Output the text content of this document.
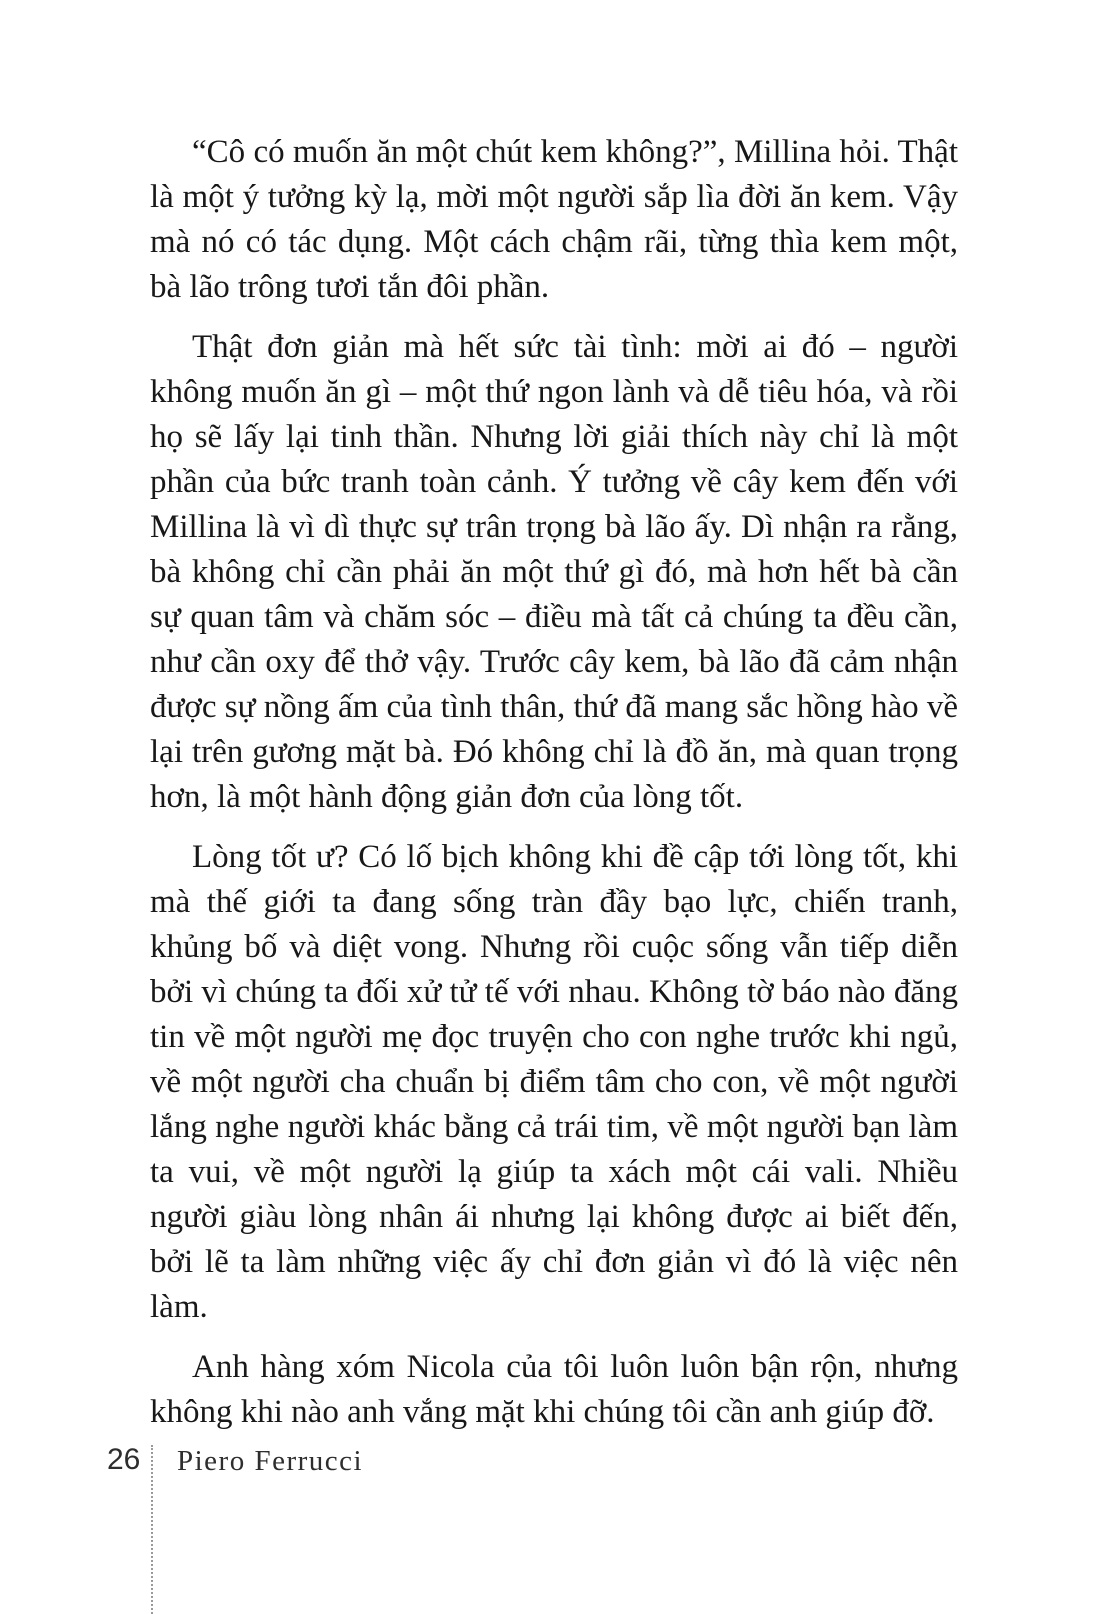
“Cô có muốn ăn một chút kem không?”, Millina hỏi. Thật là một ý tưởng kỳ lạ, mời một người sắp lìa đời ăn kem. Vậy mà nó có tác dụng. Một cách chậm rãi, từng thìa kem một, bà lão trông tươi tắn đôi phần.

Thật đơn giản mà hết sức tài tình: mời ai đó – người không muốn ăn gì – một thứ ngon lành và dễ tiêu hóa, và rồi họ sẽ lấy lại tinh thần. Nhưng lời giải thích này chỉ là một phần của bức tranh toàn cảnh. Ý tưởng về cây kem đến với Millina là vì dì thực sự trân trọng bà lão ấy. Dì nhận ra rằng, bà không chỉ cần phải ăn một thứ gì đó, mà hơn hết bà cần sự quan tâm và chăm sóc – điều mà tất cả chúng ta đều cần, như cần oxy để thở vậy. Trước cây kem, bà lão đã cảm nhận được sự nồng ấm của tình thân, thứ đã mang sắc hồng hào về lại trên gương mặt bà. Đó không chỉ là đồ ăn, mà quan trọng hơn, là một hành động giản đơn của lòng tốt.

Lòng tốt ư? Có lố bịch không khi đề cập tới lòng tốt, khi mà thế giới ta đang sống tràn đầy bạo lực, chiến tranh, khủng bố và diệt vong. Nhưng rồi cuộc sống vẫn tiếp diễn bởi vì chúng ta đối xử tử tế với nhau. Không tờ báo nào đăng tin về một người mẹ đọc truyện cho con nghe trước khi ngủ, về một người cha chuẩn bị điểm tâm cho con, về một người lắng nghe người khác bằng cả trái tim, về một người bạn làm ta vui, về một người lạ giúp ta xách một cái vali. Nhiều người giàu lòng nhân ái nhưng lại không được ai biết đến, bởi lẽ ta làm những việc ấy chỉ đơn giản vì đó là việc nên làm.

Anh hàng xóm Nicola của tôi luôn luôn bận rộn, nhưng không khi nào anh vắng mặt khi chúng tôi cần anh giúp đỡ.

26 Piero Ferrucci
